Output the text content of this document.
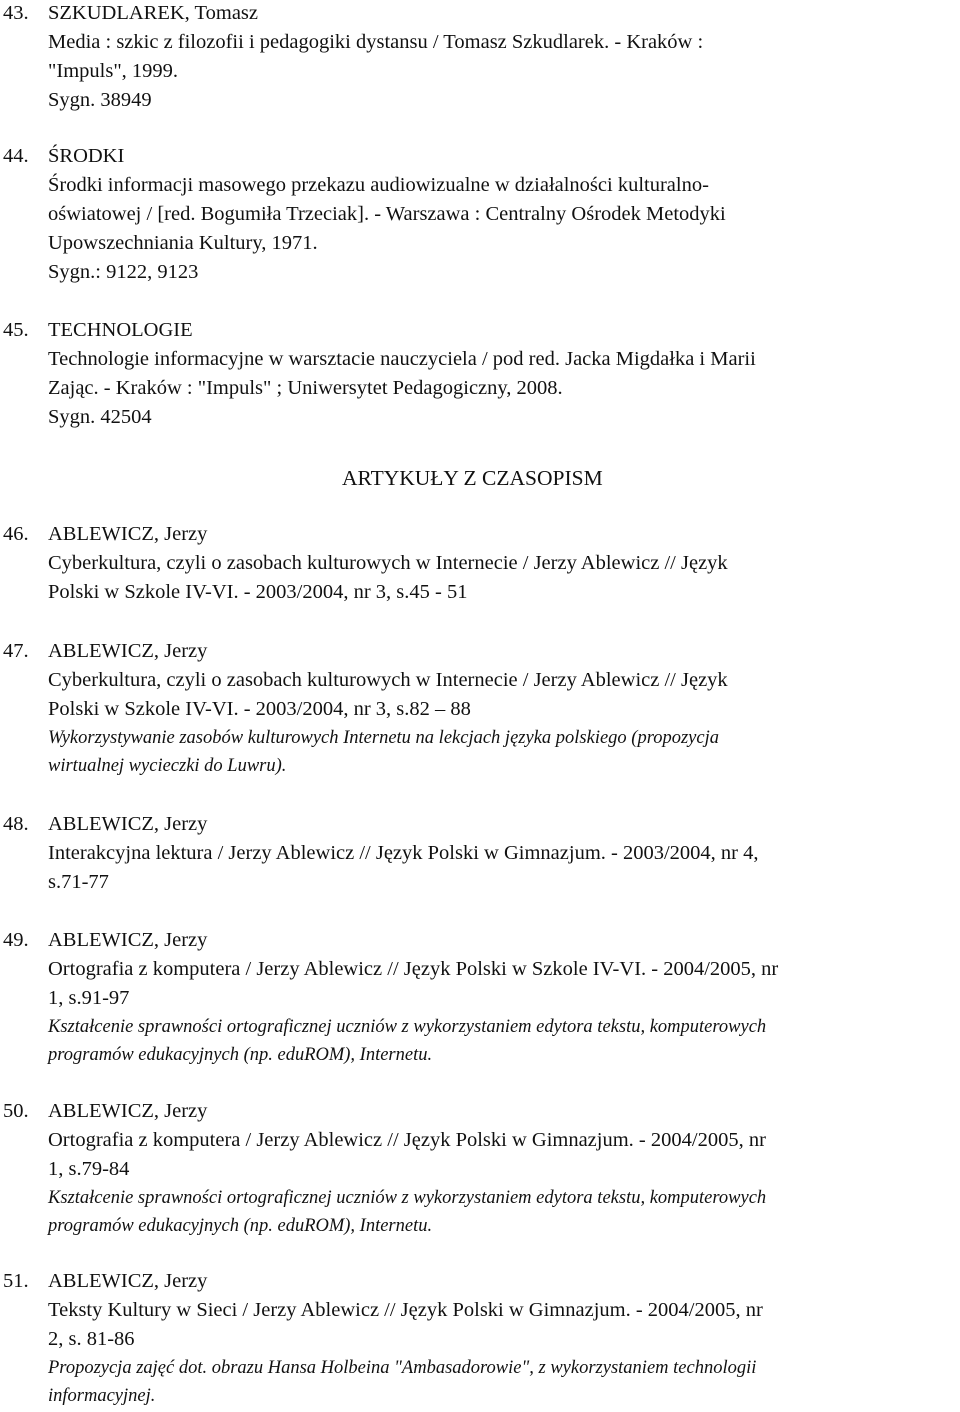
43. SZKUDLAREK, Tomasz
Media : szkic z filozofii i pedagogiki dystansu / Tomasz Szkudlarek. - Kraków :
"Impuls", 1999.
Sygn. 38949
44. ŚRODKI
Środki informacji masowego przekazu audiowizualne w działalności kulturalno-
oświatowej / [red. Bogumiła Trzeciak]. - Warszawa : Centralny Ośrodek Metodyki
Upowszechniania Kultury, 1971.
Sygn.: 9122, 9123
45. TECHNOLOGIE
Technologie informacyjne w warsztacie nauczyciela / pod red. Jacka Migdałka i Marii
Zając. - Kraków : "Impuls" ; Uniwersytet Pedagogiczny, 2008.
Sygn. 42504
ARTYKUŁY Z CZASOPISM
46. ABLEWICZ, Jerzy
Cyberkultura, czyli o zasobach kulturowych w Internecie / Jerzy Ablewicz // Język
Polski w Szkole IV-VI. - 2003/2004, nr 3, s.45 - 51
47. ABLEWICZ, Jerzy
Cyberkultura, czyli o zasobach kulturowych w Internecie / Jerzy Ablewicz // Język
Polski w Szkole IV-VI. - 2003/2004, nr 3, s.82 – 88
Wykorzystywanie zasobów kulturowych Internetu na lekcjach języka polskiego (propozycja
wirtualnej wycieczki do Luwru).
48. ABLEWICZ, Jerzy
Interakcyjna lektura / Jerzy Ablewicz // Język Polski w Gimnazjum. - 2003/2004, nr 4,
s.71-77
49. ABLEWICZ, Jerzy
Ortografia z komputera / Jerzy Ablewicz // Język Polski w Szkole IV-VI. - 2004/2005, nr
1, s.91-97
Kształcenie sprawności ortograficznej uczniów z wykorzystaniem edytora tekstu, komputerowych
programów edukacyjnych (np. eduROM), Internetu.
50. ABLEWICZ, Jerzy
Ortografia z komputera / Jerzy Ablewicz // Język Polski w Gimnazjum. - 2004/2005, nr
1, s.79-84
Kształcenie sprawności ortograficznej uczniów z wykorzystaniem edytora tekstu, komputerowych
programów edukacyjnych (np. eduROM), Internetu.
51. ABLEWICZ, Jerzy
Teksty Kultury w Sieci / Jerzy Ablewicz // Język Polski w Gimnazjum. - 2004/2005, nr
2, s. 81-86
Propozycja zajęć dot. obrazu Hansa Holbeina "Ambasadorowie", z wykorzystaniem technologii
informacyjnej.
